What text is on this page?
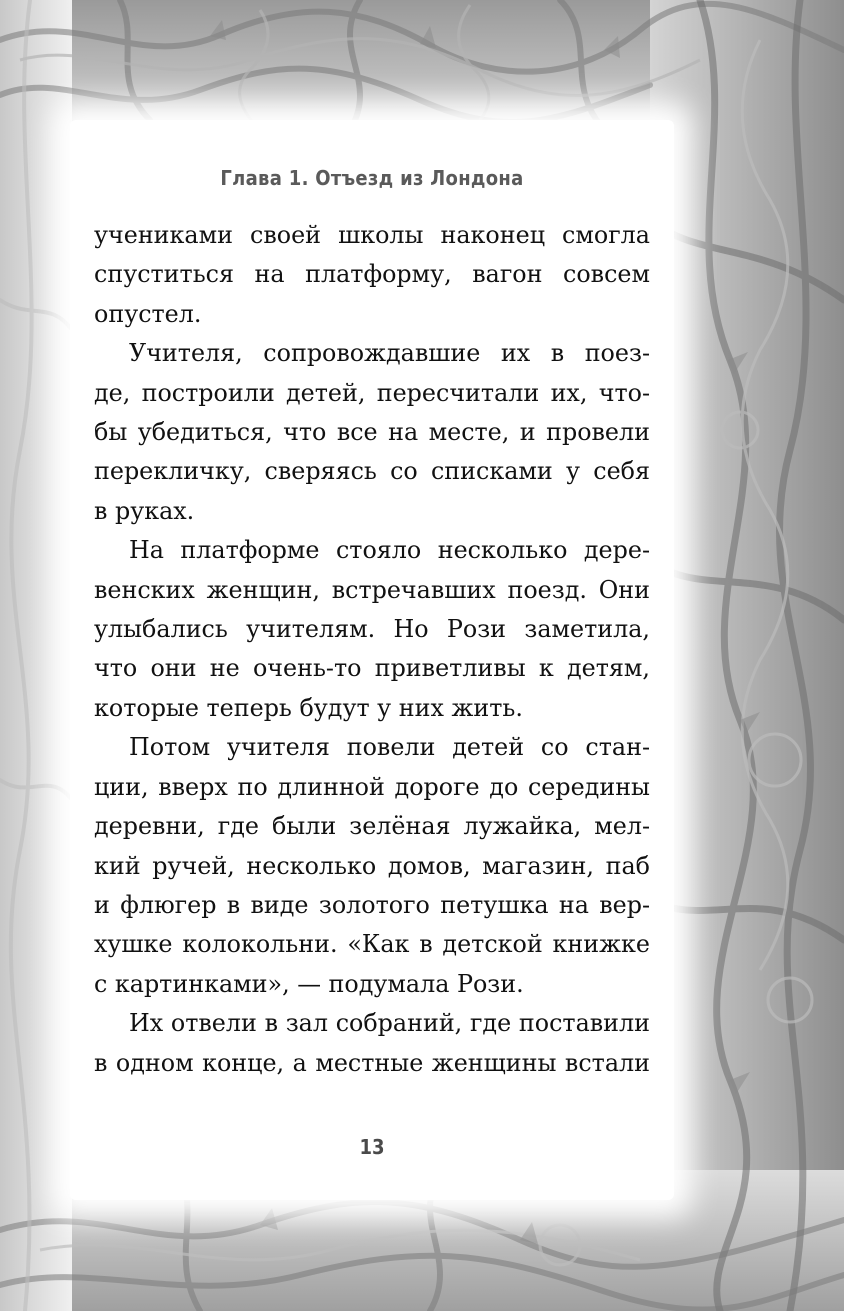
Глава 1. Отъезд из Лондона

учениками своей школы наконец смогла
спуститься на платформу, вагон совсем
опустел.

Учителя, сопровождавшие их в поез-
де, построили детей, пересчитали их, что-
бы убедиться, что все на месте, и провели
перекличку, сверяясь со списками у себя
в руках.

На платформе стояло несколько дере-
венских женщин, встречавших поезд. Они
улыбались учителям. Но Рози заметила,
что они не очень-то приветливы к детям,
которые теперь будут у них жить.

Потом учителя повели детей со стан-
ции, вверх по длинной дороге до середины
деревни, где были зелёная лужайка, мел-
кий ручей, несколько домов, магазин, паб
и флюгер в виде золотого петушка на вер-
хушке колокольни. «Как в детской книжке
с картинками», — подумала Рози.

Их отвели в зал собраний, где поставили
в одном конце, а местные женщины встали

13
